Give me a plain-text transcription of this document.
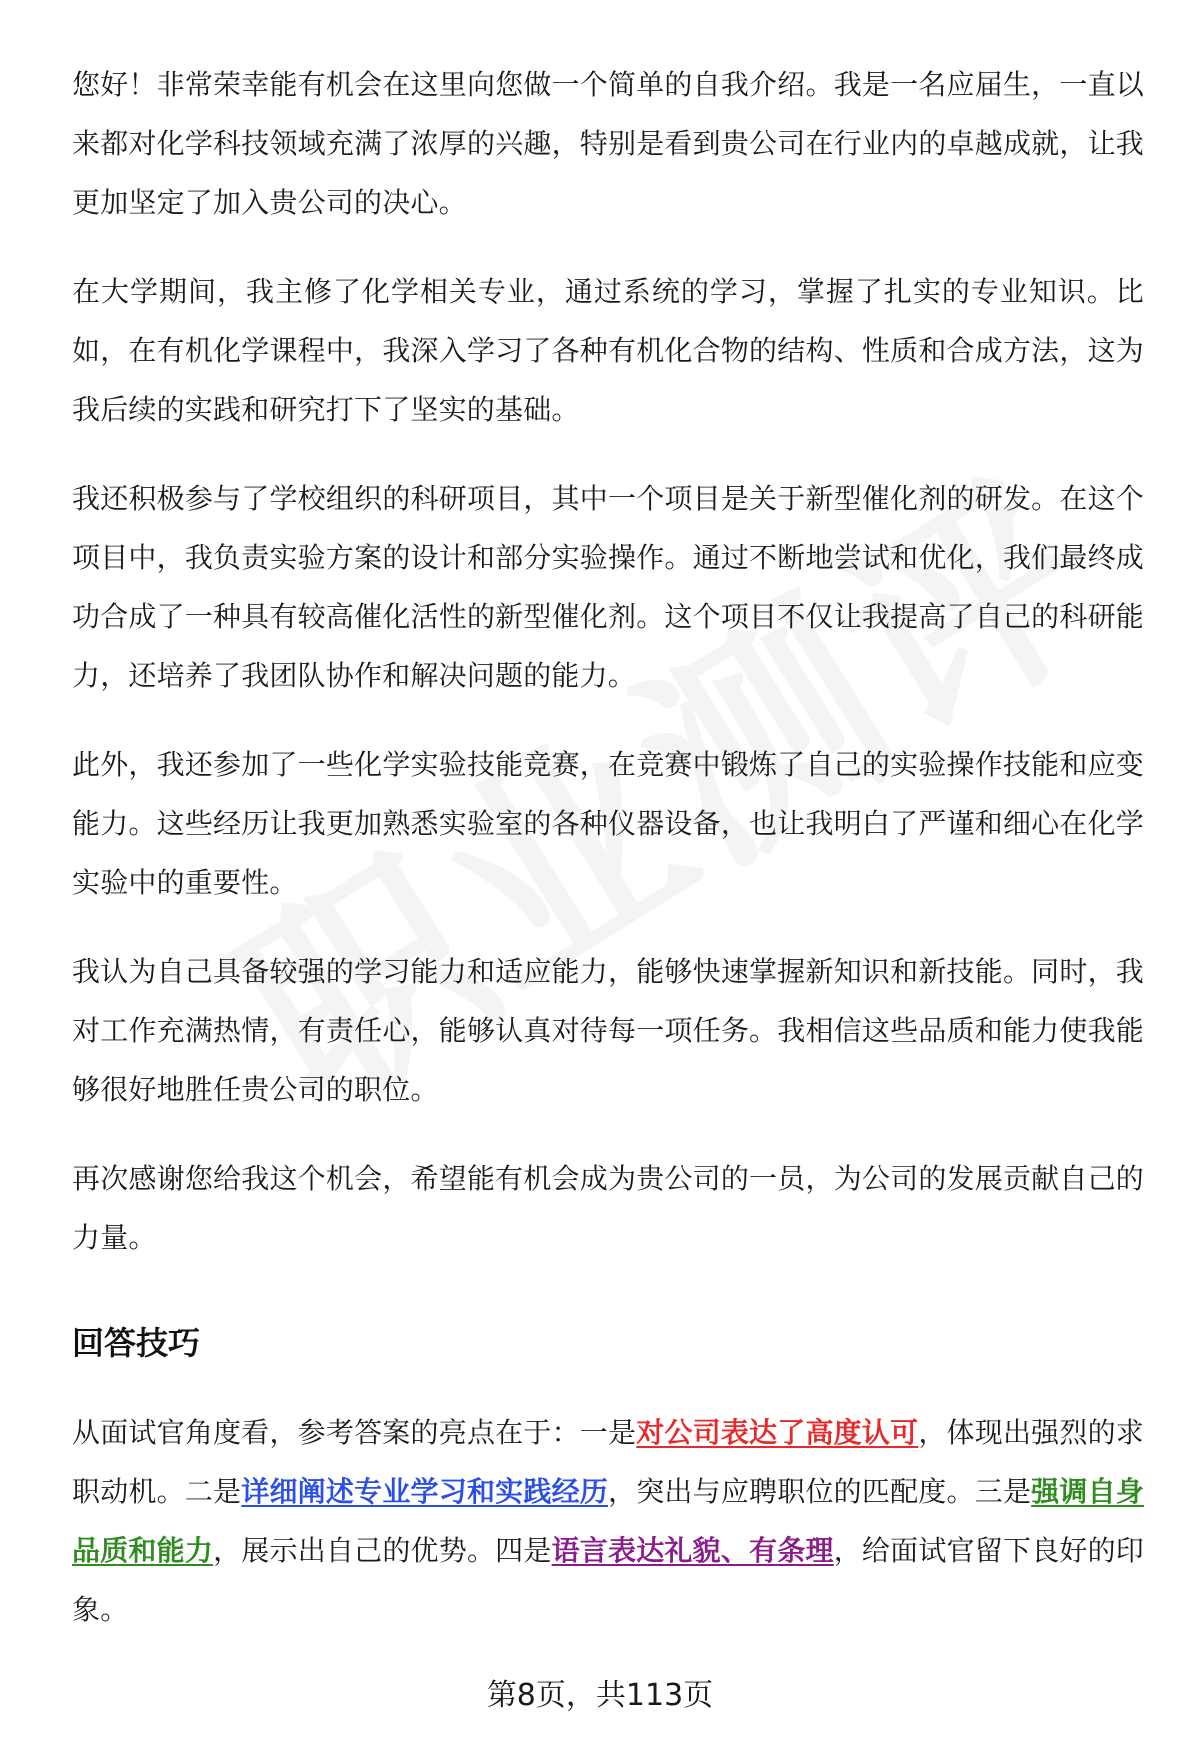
您好！非常荣幸能有机会在这里向您做一个简单的自我介绍。我是一名应届生，一直以来都对化学科技领域充满了浓厚的兴趣，特别是看到贵公司在行业内的卓越成就，让我更加坚定了加入贵公司的决心。

在大学期间，我主修了化学相关专业，通过系统的学习，掌握了扎实的专业知识。比如，在有机化学课程中，我深入学习了各种有机化合物的结构、性质和合成方法，这为我后续的实践和研究打下了坚实的基础。

我还积极参与了学校组织的科研项目，其中一个项目是关于新型催化剂的研发。在这个项目中，我负责实验方案的设计和部分实验操作。通过不断地尝试和优化，我们最终成功合成了一种具有较高催化活性的新型催化剂。这个项目不仅让我提高了自己的科研能力，还培养了我团队协作和解决问题的能力。

此外，我还参加了一些化学实验技能竞赛，在竞赛中锻炼了自己的实验操作技能和应变能力。这些经历让我更加熟悉实验室的各种仪器设备，也让我明白了严谨和细心在化学实验中的重要性。

我认为自己具备较强的学习能力和适应能力，能够快速掌握新知识和新技能。同时，我对工作充满热情，有责任心，能够认真对待每一项任务。我相信这些品质和能力使我能够很好地胜任贵公司的职位。

再次感谢您给我这个机会，希望能有机会成为贵公司的一员，为公司的发展贡献自己的力量。

回答技巧

从面试官角度看，参考答案的亮点在于：一是对公司表达了高度认可，体现出强烈的求职动机。二是详细阐述专业学习和实践经历，突出与应聘职位的匹配度。三是强调自身品质和能力，展示出自己的优势。四是语言表达礼貌、有条理，给面试官留下良好的印象。

第8页，共113页
